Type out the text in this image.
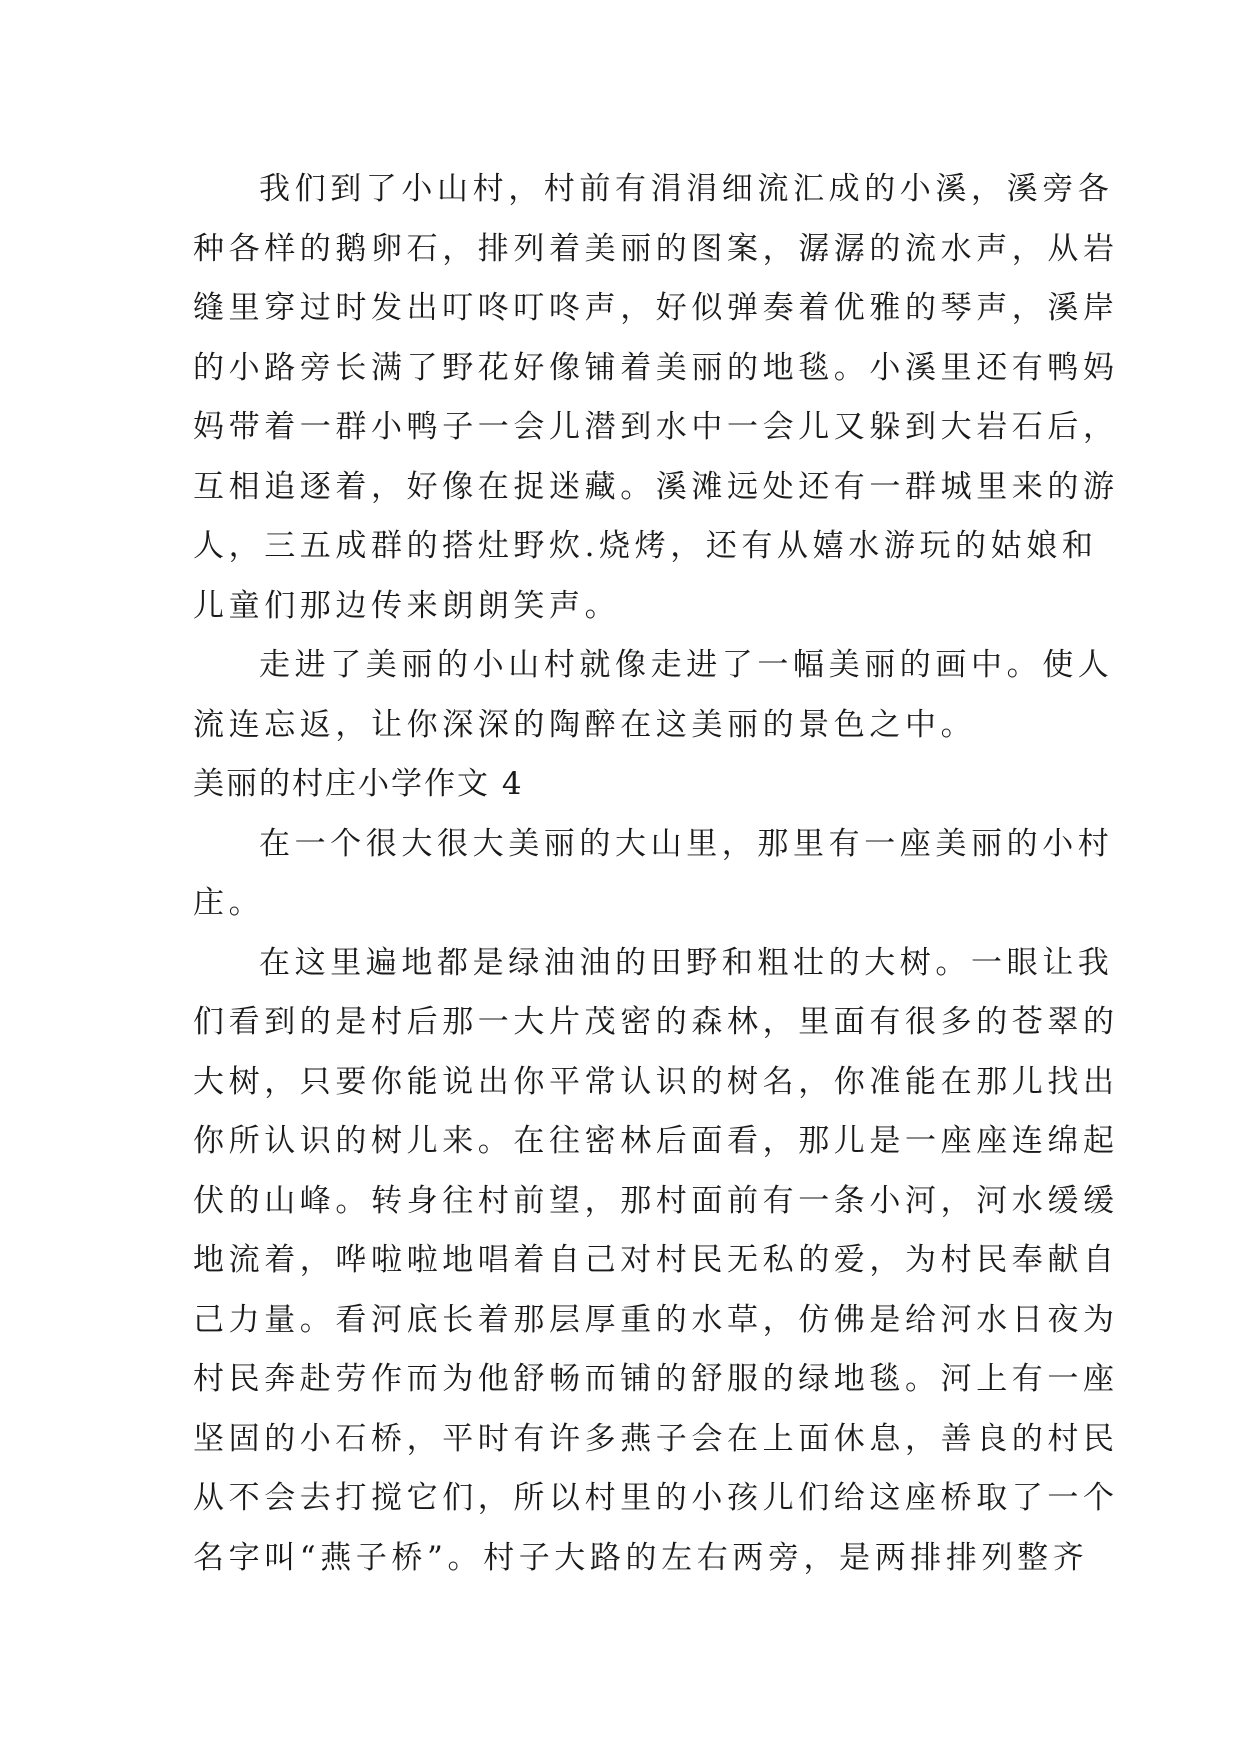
我们到了小山村，村前有涓涓细流汇成的小溪，溪旁各
种各样的鹅卵石，排列着美丽的图案，潺潺的流水声，从岩
缝里穿过时发出叮咚叮咚声，好似弹奏着优雅的琴声，溪岸
的小路旁长满了野花好像铺着美丽的地毯。小溪里还有鸭妈
妈带着一群小鸭子一会儿潜到水中一会儿又躲到大岩石后，
互相追逐着，好像在捉迷藏。溪滩远处还有一群城里来的游
人，三五成群的搭灶野炊.烧烤，还有从嬉水游玩的姑娘和
儿童们那边传来朗朗笑声。
走进了美丽的小山村就像走进了一幅美丽的画中。使人
流连忘返，让你深深的陶醉在这美丽的景色之中。
美丽的村庄小学作文 4
在一个很大很大美丽的大山里，那里有一座美丽的小村
庄。
在这里遍地都是绿油油的田野和粗壮的大树。一眼让我
们看到的是村后那一大片茂密的森林，里面有很多的苍翠的
大树，只要你能说出你平常认识的树名，你准能在那儿找出
你所认识的树儿来。在往密林后面看，那儿是一座座连绵起
伏的山峰。转身往村前望，那村面前有一条小河，河水缓缓
地流着，哗啦啦地唱着自己对村民无私的爱，为村民奉献自
己力量。看河底长着那层厚重的水草，仿佛是给河水日夜为
村民奔赴劳作而为他舒畅而铺的舒服的绿地毯。河上有一座
坚固的小石桥，平时有许多燕子会在上面休息，善良的村民
从不会去打搅它们，所以村里的小孩儿们给这座桥取了一个
名字叫“燕子桥”。村子大路的左右两旁，是两排排列整齐
